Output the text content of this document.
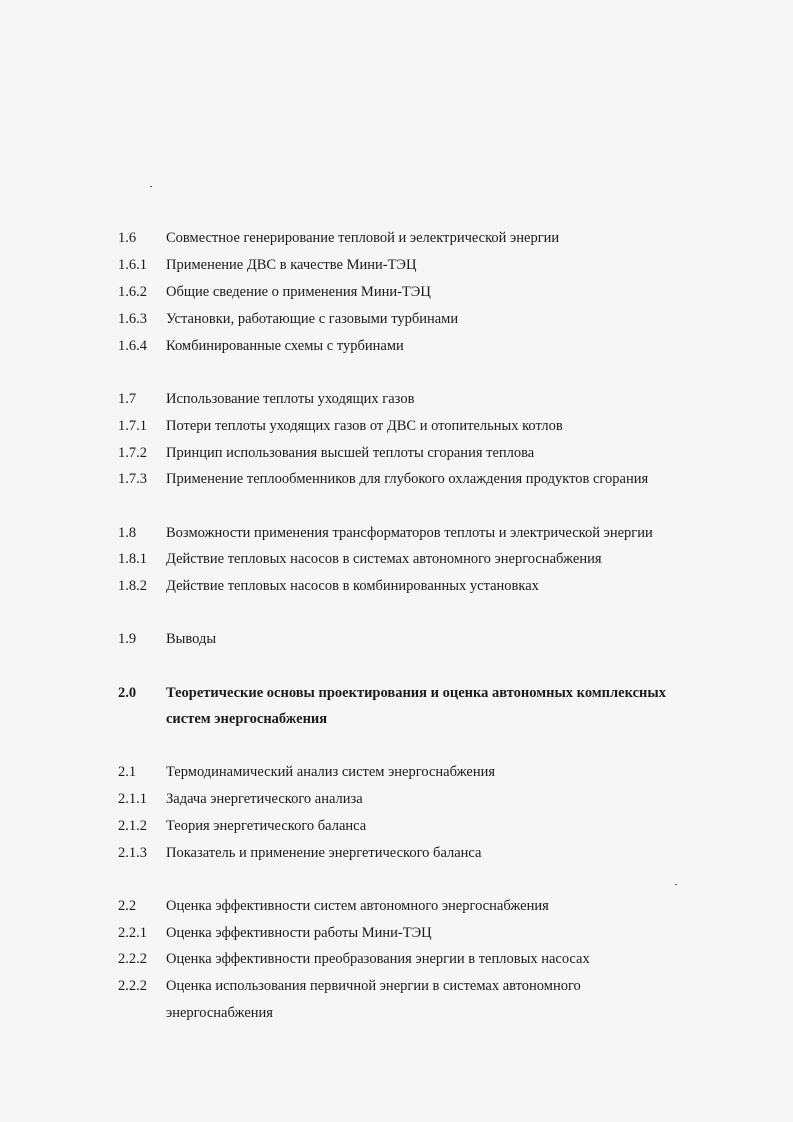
1.6 Совместное генерирование тепловой и эелектрической энергии
1.6.1 Применение ДВС в качестве Мини-ТЭЦ
1.6.2 Общие сведение о применения Мини-ТЭЦ
1.6.3 Установки, работающие с газовыми турбинами
1.6.4 Комбинированные схемы с турбинами
1.7 Использование теплоты уходящих газов
1.7.1 Потери теплоты уходящих газов от ДВС и отопительных котлов
1.7.2 Принцип использования высшей теплоты сгорания теплова
1.7.3 Применение теплообменников для глубокого охлаждения продуктов сгорания
1.8 Возможности применения трансформаторов теплоты и электрической энергии
1.8.1 Действие тепловых насосов в системах автономного энергоснабжения
1.8.2 Действие тепловых насосов в комбинированных установках
1.9 Выводы
2.0 Теоретические основы проектирования и оценка автономных комплексных
систем энергоснабжения
2.1 Термодинамический анализ систем энергоснабжения
2.1.1 Задача энергетического анализа
2.1.2 Теория энергетического баланса
2.1.3 Показатель и применение энергетического баланса
2.2 Оценка эффективности систем автономного энергоснабжения
2.2.1 Оценка эффективности работы Мини-ТЭЦ
2.2.2 Оценка эффективности преобразования энергии в тепловых насосах
2.2.2 Оценка использования первичной энергии в системах автономного
энергоснабжения
